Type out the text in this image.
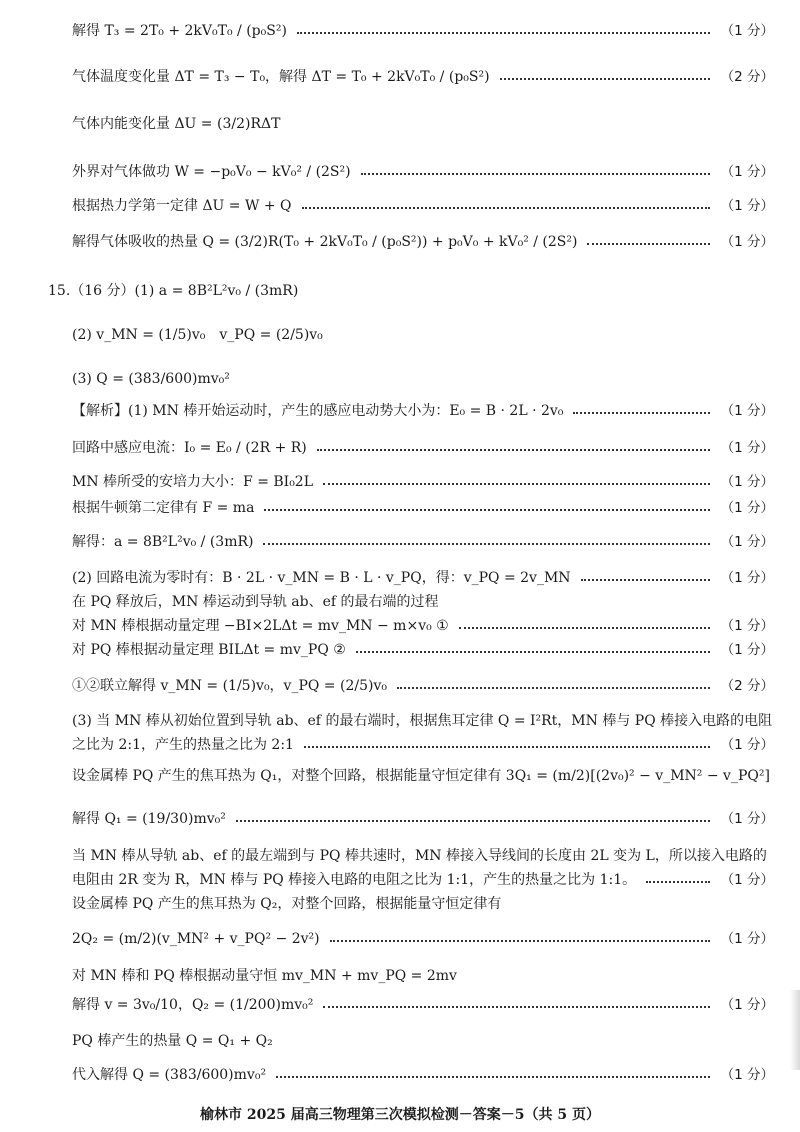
解得 T₃ = 2T₀ + 2kV₀T₀ / (p₀S²)	（1 分）
气体温度变化量 ΔT = T₃ − T₀，解得 ΔT = T₀ + 2kV₀T₀ / (p₀S²)	（2 分）
气体内能变化量 ΔU = (3/2)RΔT
外界对气体做功 W = −p₀V₀ − kV₀² / (2S²)	（1 分）
根据热力学第一定律 ΔU = W + Q	（1 分）
解得气体吸收的热量 Q = (3/2)R(T₀ + 2kV₀T₀ / (p₀S²)) + p₀V₀ + kV₀² / (2S²)	（1 分）
15.（16 分）(1) a = 8B²L²v₀ / (3mR)
(2) v_MN = (1/5)v₀　v_PQ = (2/5)v₀
(3) Q = (383/600)mv₀²
【解析】(1) MN 棒开始运动时，产生的感应电动势大小为：E₀ = B · 2L · 2v₀	（1 分）
回路中感应电流：I₀ = E₀ / (2R + R)	（1 分）
MN 棒所受的安培力大小：F = BI₀2L	（1 分）
根据牛顿第二定律有 F = ma	（1 分）
解得：a = 8B²L²v₀ / (3mR)	（1 分）
(2) 回路电流为零时有：B · 2L · v_MN = B · L · v_PQ，得：v_PQ = 2v_MN	（1 分）
在 PQ 释放后，MN 棒运动到导轨 ab、ef 的最右端的过程
对 MN 棒根据动量定理 −BI×2LΔt = mv_MN − m×v₀ ①	（1 分）
对 PQ 棒根据动量定理 BILΔt = mv_PQ ②	（1 分）
①②联立解得 v_MN = (1/5)v₀，v_PQ = (2/5)v₀	（2 分）
(3) 当 MN 棒从初始位置到导轨 ab、ef 的最右端时，根据焦耳定律 Q = I²Rt，MN 棒与 PQ 棒接入电路的电阻
之比为 2:1，产生的热量之比为 2:1	（1 分）
设金属棒 PQ 产生的焦耳热为 Q₁，对整个回路，根据能量守恒定律有 3Q₁ = (m/2)[(2v₀)² − v_MN² − v_PQ²]
解得 Q₁ = (19/30)mv₀²	（1 分）
当 MN 棒从导轨 ab、ef 的最左端到与 PQ 棒共速时，MN 棒接入导线间的长度由 2L 变为 L，所以接入电路的
电阻由 2R 变为 R，MN 棒与 PQ 棒接入电路的电阻之比为 1:1，产生的热量之比为 1:1。	（1 分）
设金属棒 PQ 产生的焦耳热为 Q₂，对整个回路，根据能量守恒定律有
2Q₂ = (m/2)(v_MN² + v_PQ² − 2v²)	（1 分）
对 MN 棒和 PQ 棒根据动量守恒 mv_MN + mv_PQ = 2mv
解得 v = 3v₀/10，Q₂ = (1/200)mv₀²	（1 分）
PQ 棒产生的热量 Q = Q₁ + Q₂
代入解得 Q = (383/600)mv₀²	（1 分）
榆林市 2025 届高三物理第三次模拟检测－答案－5（共 5 页）
